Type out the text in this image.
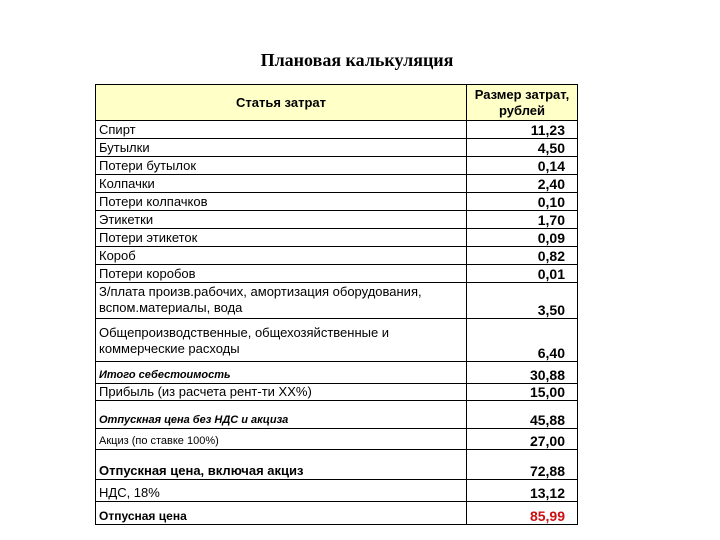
Плановая калькуляция
Статья затрат	Размер затрат, рублей
Спирт	11,23
Бутылки	4,50
Потери бутылок	0,14
Колпачки	2,40
Потери колпачков	0,10
Этикетки	1,70
Потери этикеток	0,09
Короб	0,82
Потери коробов	0,01
З/плата произв.рабочих, амортизация оборудования, вспом.материалы, вода	3,50
Общепроизводственные, общехозяйственные и коммерческие расходы	6,40
Итого себестоимость	30,88
Прибыль (из расчета рент-ти ХХ%)	15,00
Отпускная цена без НДС и акциза	45,88
Акциз (по ставке 100%)	27,00
Отпускная цена, включая акциз	72,88
НДС, 18%	13,12
Отпусная цена	85,99
